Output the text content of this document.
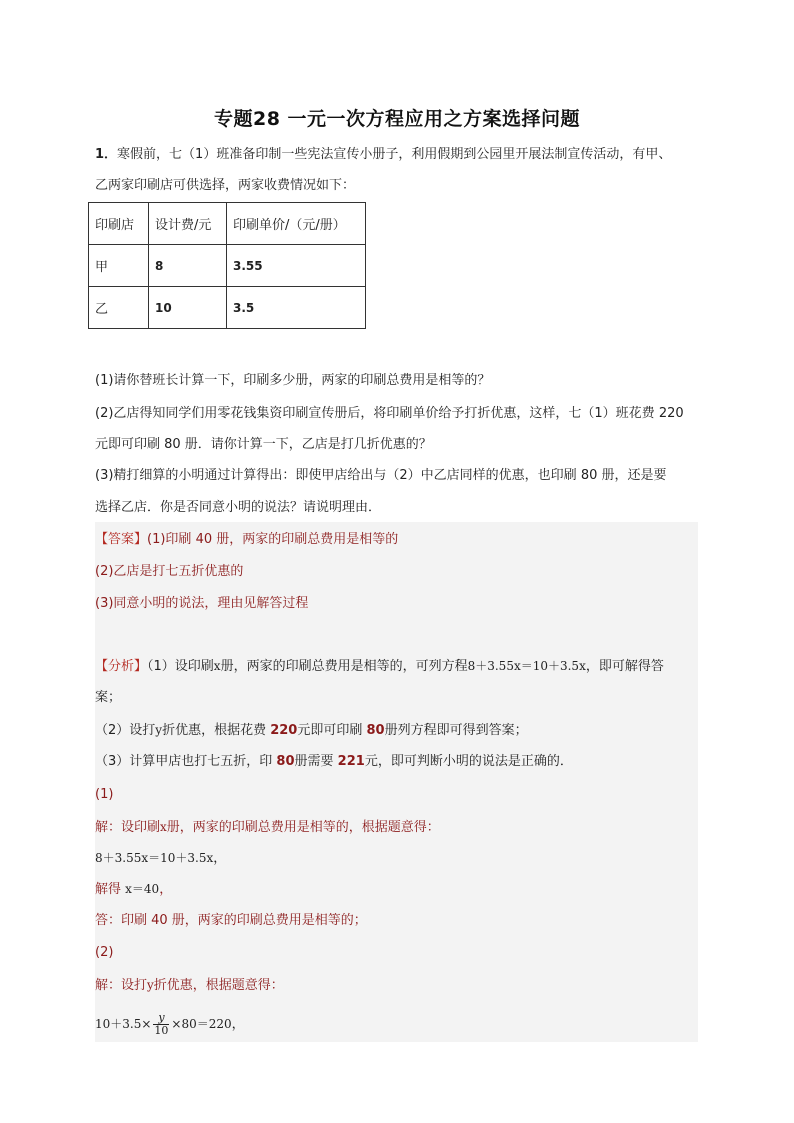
专题28 一元一次方程应用之方案选择问题
1．寒假前，七（1）班准备印制一些宪法宣传小册子，利用假期到公园里开展法制宣传活动，有甲、
乙两家印刷店可供选择，两家收费情况如下：
印刷店	设计费/元	印刷单价/（元/册）
甲	8	3.55
乙	10	3.5
(1)请你替班长计算一下，印刷多少册，两家的印刷总费用是相等的？
(2)乙店得知同学们用零花钱集资印刷宣传册后，将印刷单价给予打折优惠，这样，七（1）班花费 220
元即可印刷 80 册．请你计算一下，乙店是打几折优惠的？
(3)精打细算的小明通过计算得出：即使甲店给出与（2）中乙店同样的优惠，也印刷 80 册，还是要
选择乙店．你是否同意小明的说法？请说明理由．
【答案】(1)印刷 40 册，两家的印刷总费用是相等的
(2)乙店是打七五折优惠的
(3)同意小明的说法，理由见解答过程
【分析】（1）设印刷x册，两家的印刷总费用是相等的，可列方程8＋3.55x＝10＋3.5x，即可解得答
案；
（2）设打y折优惠，根据花费 220元即可印刷 80册列方程即可得到答案；
（3）计算甲店也打七五折，印 80册需要 221元，即可判断小明的说法是正确的．
(1)
解：设印刷x册，两家的印刷总费用是相等的，根据题意得：
8＋3.55x＝10＋3.5x，
解得 x＝40，
答：印刷 40 册，两家的印刷总费用是相等的；
(2)
解：设打y折优惠，根据题意得：
$10+3.5\times \frac{y}{10} \times 80=220$，
